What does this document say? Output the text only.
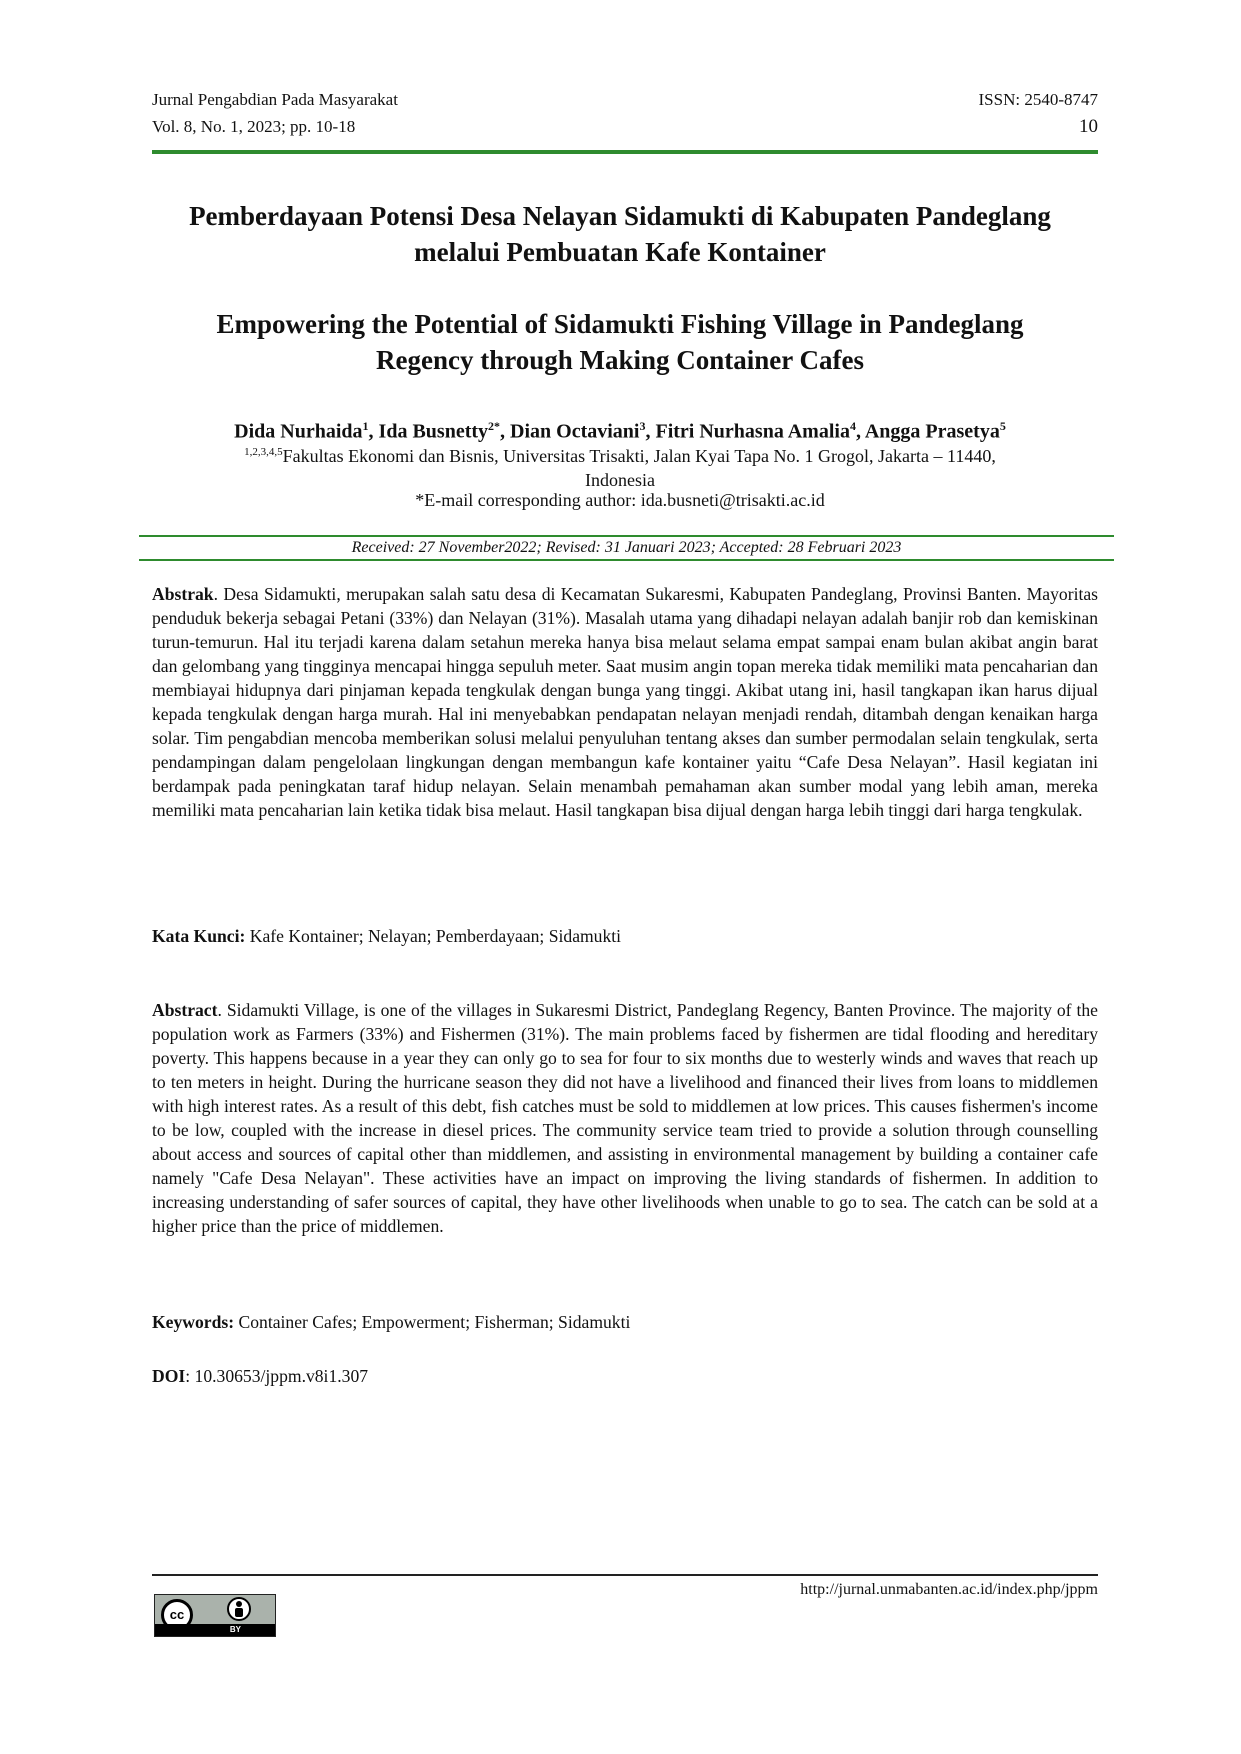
Jurnal Pengabdian Pada Masyarakat
Vol. 8, No. 1, 2023; pp. 10-18
ISSN: 2540-8747
10
Pemberdayaan Potensi Desa Nelayan Sidamukti di Kabupaten Pandeglang
melalui Pembuatan Kafe Kontainer
Empowering the Potential of Sidamukti Fishing Village in Pandeglang
Regency through Making Container Cafes
Dida Nurhaida$^1$, Ida Busnetty$^{2*}$, Dian Octaviani$^3$, Fitri Nurhasna Amalia$^4$, Angga Prasetya$^5$
$^{1,2,3,4,5}$Fakultas Ekonomi dan Bisnis, Universitas Trisakti, Jalan Kyai Tapa No. 1 Grogol, Jakarta – 11440,
Indonesia
*E-mail corresponding author: ida.busneti@trisakti.ac.id
Received: 27 November2022; Revised: 31 Januari 2023; Accepted: 28 Februari 2023
Abstrak. Desa Sidamukti, merupakan salah satu desa di Kecamatan Sukaresmi, Kabupaten Pandeglang, Provinsi Banten. Mayoritas penduduk bekerja sebagai Petani (33%) dan Nelayan (31%). Masalah utama yang dihadapi nelayan adalah banjir rob dan kemiskinan turun-temurun. Hal itu terjadi karena dalam setahun mereka hanya bisa melaut selama empat sampai enam bulan akibat angin barat dan gelombang yang tingginya mencapai hingga sepuluh meter. Saat musim angin topan mereka tidak memiliki mata pencaharian dan membiayai hidupnya dari pinjaman kepada tengkulak dengan bunga yang tinggi. Akibat utang ini, hasil tangkapan ikan harus dijual kepada tengkulak dengan harga murah. Hal ini menyebabkan pendapatan nelayan menjadi rendah, ditambah dengan kenaikan harga solar. Tim pengabdian mencoba memberikan solusi melalui penyuluhan tentang akses dan sumber permodalan selain tengkulak, serta pendampingan dalam pengelolaan lingkungan dengan membangun kafe kontainer yaitu “Cafe Desa Nelayan”. Hasil kegiatan ini berdampak pada peningkatan taraf hidup nelayan. Selain menambah pemahaman akan sumber modal yang lebih aman, mereka memiliki mata pencaharian lain ketika tidak bisa melaut. Hasil tangkapan bisa dijual dengan harga lebih tinggi dari harga tengkulak.
Kata Kunci: Kafe Kontainer; Nelayan; Pemberdayaan; Sidamukti
Abstract. Sidamukti Village, is one of the villages in Sukaresmi District, Pandeglang Regency, Banten Province. The majority of the population work as Farmers (33%) and Fishermen (31%). The main problems faced by fishermen are tidal flooding and hereditary poverty. This happens because in a year they can only go to sea for four to six months due to westerly winds and waves that reach up to ten meters in height. During the hurricane season they did not have a livelihood and financed their lives from loans to middlemen with high interest rates. As a result of this debt, fish catches must be sold to middlemen at low prices. This causes fishermen's income to be low, coupled with the increase in diesel prices. The community service team tried to provide a solution through counselling about access and sources of capital other than middlemen, and assisting in environmental management by building a container cafe namely "Cafe Desa Nelayan". These activities have an impact on improving the living standards of fishermen. In addition to increasing understanding of safer sources of capital, they have other livelihoods when unable to go to sea. The catch can be sold at a higher price than the price of middlemen.
Keywords: Container Cafes; Empowerment; Fisherman; Sidamukti
DOI: 10.30653/jppm.v8i1.307
http://jurnal.unmabanten.ac.id/index.php/jppm
cc
BY
